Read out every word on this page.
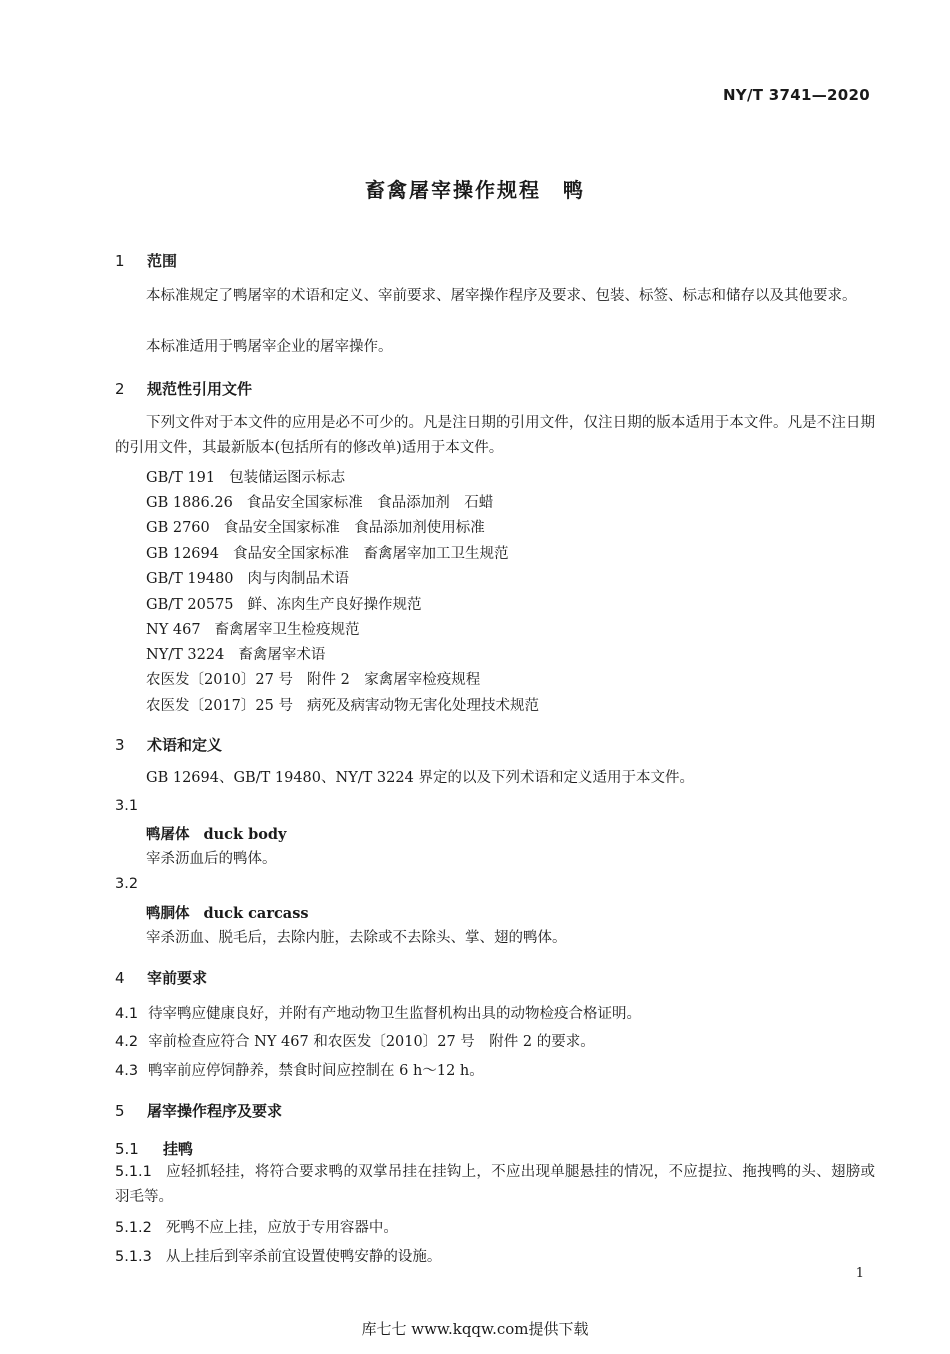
NY/T 3741—2020
畜禽屠宰操作规程　鸭
1 范围
本标准规定了鸭屠宰的术语和定义、宰前要求、屠宰操作程序及要求、包装、标签、标志和储存以及其他要求。
本标准适用于鸭屠宰企业的屠宰操作。
2 规范性引用文件
下列文件对于本文件的应用是必不可少的。凡是注日期的引用文件，仅注日期的版本适用于本文件。凡是不注日期的引用文件，其最新版本(包括所有的修改单)适用于本文件。
GB/T 191 包装储运图示标志
GB 1886.26 食品安全国家标准　食品添加剂　石蜡
GB 2760 食品安全国家标准　食品添加剂使用标准
GB 12694 食品安全国家标准　畜禽屠宰加工卫生规范
GB/T 19480 肉与肉制品术语
GB/T 20575 鲜、冻肉生产良好操作规范
NY 467 畜禽屠宰卫生检疫规范
NY/T 3224 畜禽屠宰术语
农医发〔2010〕27 号 附件 2　家禽屠宰检疫规程
农医发〔2017〕25 号 病死及病害动物无害化处理技术规范
3 术语和定义
GB 12694、GB/T 19480、NY/T 3224 界定的以及下列术语和定义适用于本文件。
3.1
鸭屠体 duck body
宰杀沥血后的鸭体。
3.2
鸭胴体 duck carcass
宰杀沥血、脱毛后，去除内脏，去除或不去除头、掌、翅的鸭体。
4 宰前要求
4.1 待宰鸭应健康良好，并附有产地动物卫生监督机构出具的动物检疫合格证明。
4.2 宰前检查应符合 NY 467 和农医发〔2010〕27 号　附件 2 的要求。
4.3 鸭宰前应停饲静养，禁食时间应控制在 6 h～12 h。
5 屠宰操作程序及要求
5.1 挂鸭
5.1.1 应轻抓轻挂，将符合要求鸭的双掌吊挂在挂钩上，不应出现单腿悬挂的情况，不应提拉、拖拽鸭的头、翅膀或羽毛等。
5.1.2 死鸭不应上挂，应放于专用容器中。
5.1.3 从上挂后到宰杀前宜设置使鸭安静的设施。
1
库七七 www.kqqw.com提供下载
